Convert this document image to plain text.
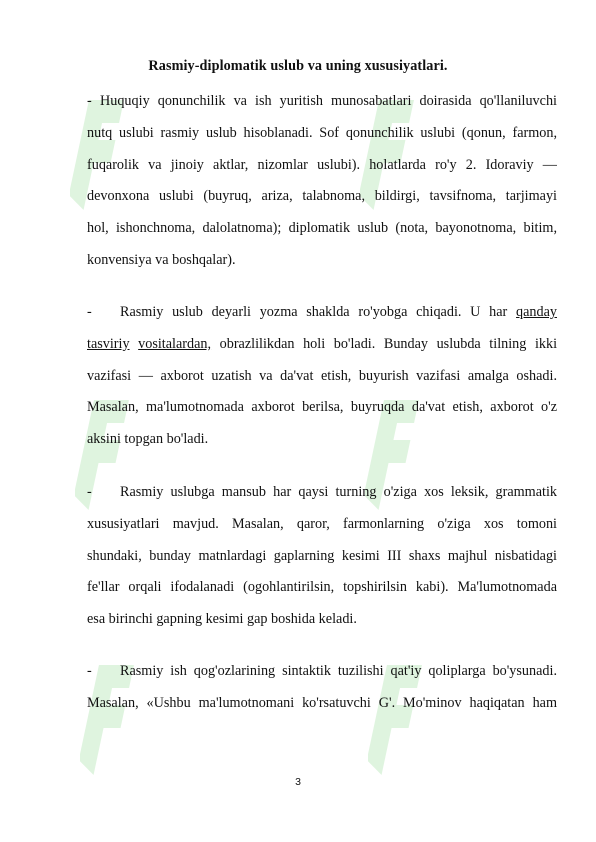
Rasmiy-diplomatik uslub va uning xususiyatlari.
- Huquqiy qonunchilik va ish yuritish munosabatlari doirasida qo'llaniluvchi
nutq uslubi rasmiy uslub hisoblanadi. Sof qonunchilik uslubi (qonun, farmon,
fuqarolik va jinoiy aktlar, nizomlar uslubi). holatlarda ro'y 2. Idoraviy —
devonxona uslubi (buyruq, ariza, talabnoma, bildirgi, tavsifnoma, tarjimayi
hol, ishonchnoma, dalolatnoma); diplomatik uslub (nota, bayonotnoma, bitim,
konvensiya va boshqalar).
- Rasmiy uslub deyarli yozma shaklda ro'yobga chiqadi. U har qanday
tasviriy vositalardan, obrazlilikdan holi bo'ladi. Bunday uslubda tilning ikki
vazifasi — axborot uzatish va da'vat etish, buyurish vazifasi amalga oshadi.
Masalan, ma'lumotnomada axborot berilsa, buyruqda da'vat etish, axborot o'z
aksini topgan bo'ladi.
- Rasmiy uslubga mansub har qaysi turning o'ziga xos leksik, grammatik
xususiyatlari mavjud. Masalan, qaror, farmonlarning o'ziga xos tomoni
shundaki, bunday matnlardagi gaplarning kesimi III shaxs majhul nisbatidagi
fe'llar orqali ifodalanadi (ogohlantirilsin, topshirilsin kabi). Ma'lumotnomada
esa birinchi gapning kesimi gap boshida keladi.
- Rasmiy ish qog'ozlarining sintaktik tuzilishi qat'iy qoliplarga bo'ysunadi.
Masalan, «Ushbu ma'lumotnomani ko'rsatuvchi G'. Mo'minov haqiqatan ham
3
